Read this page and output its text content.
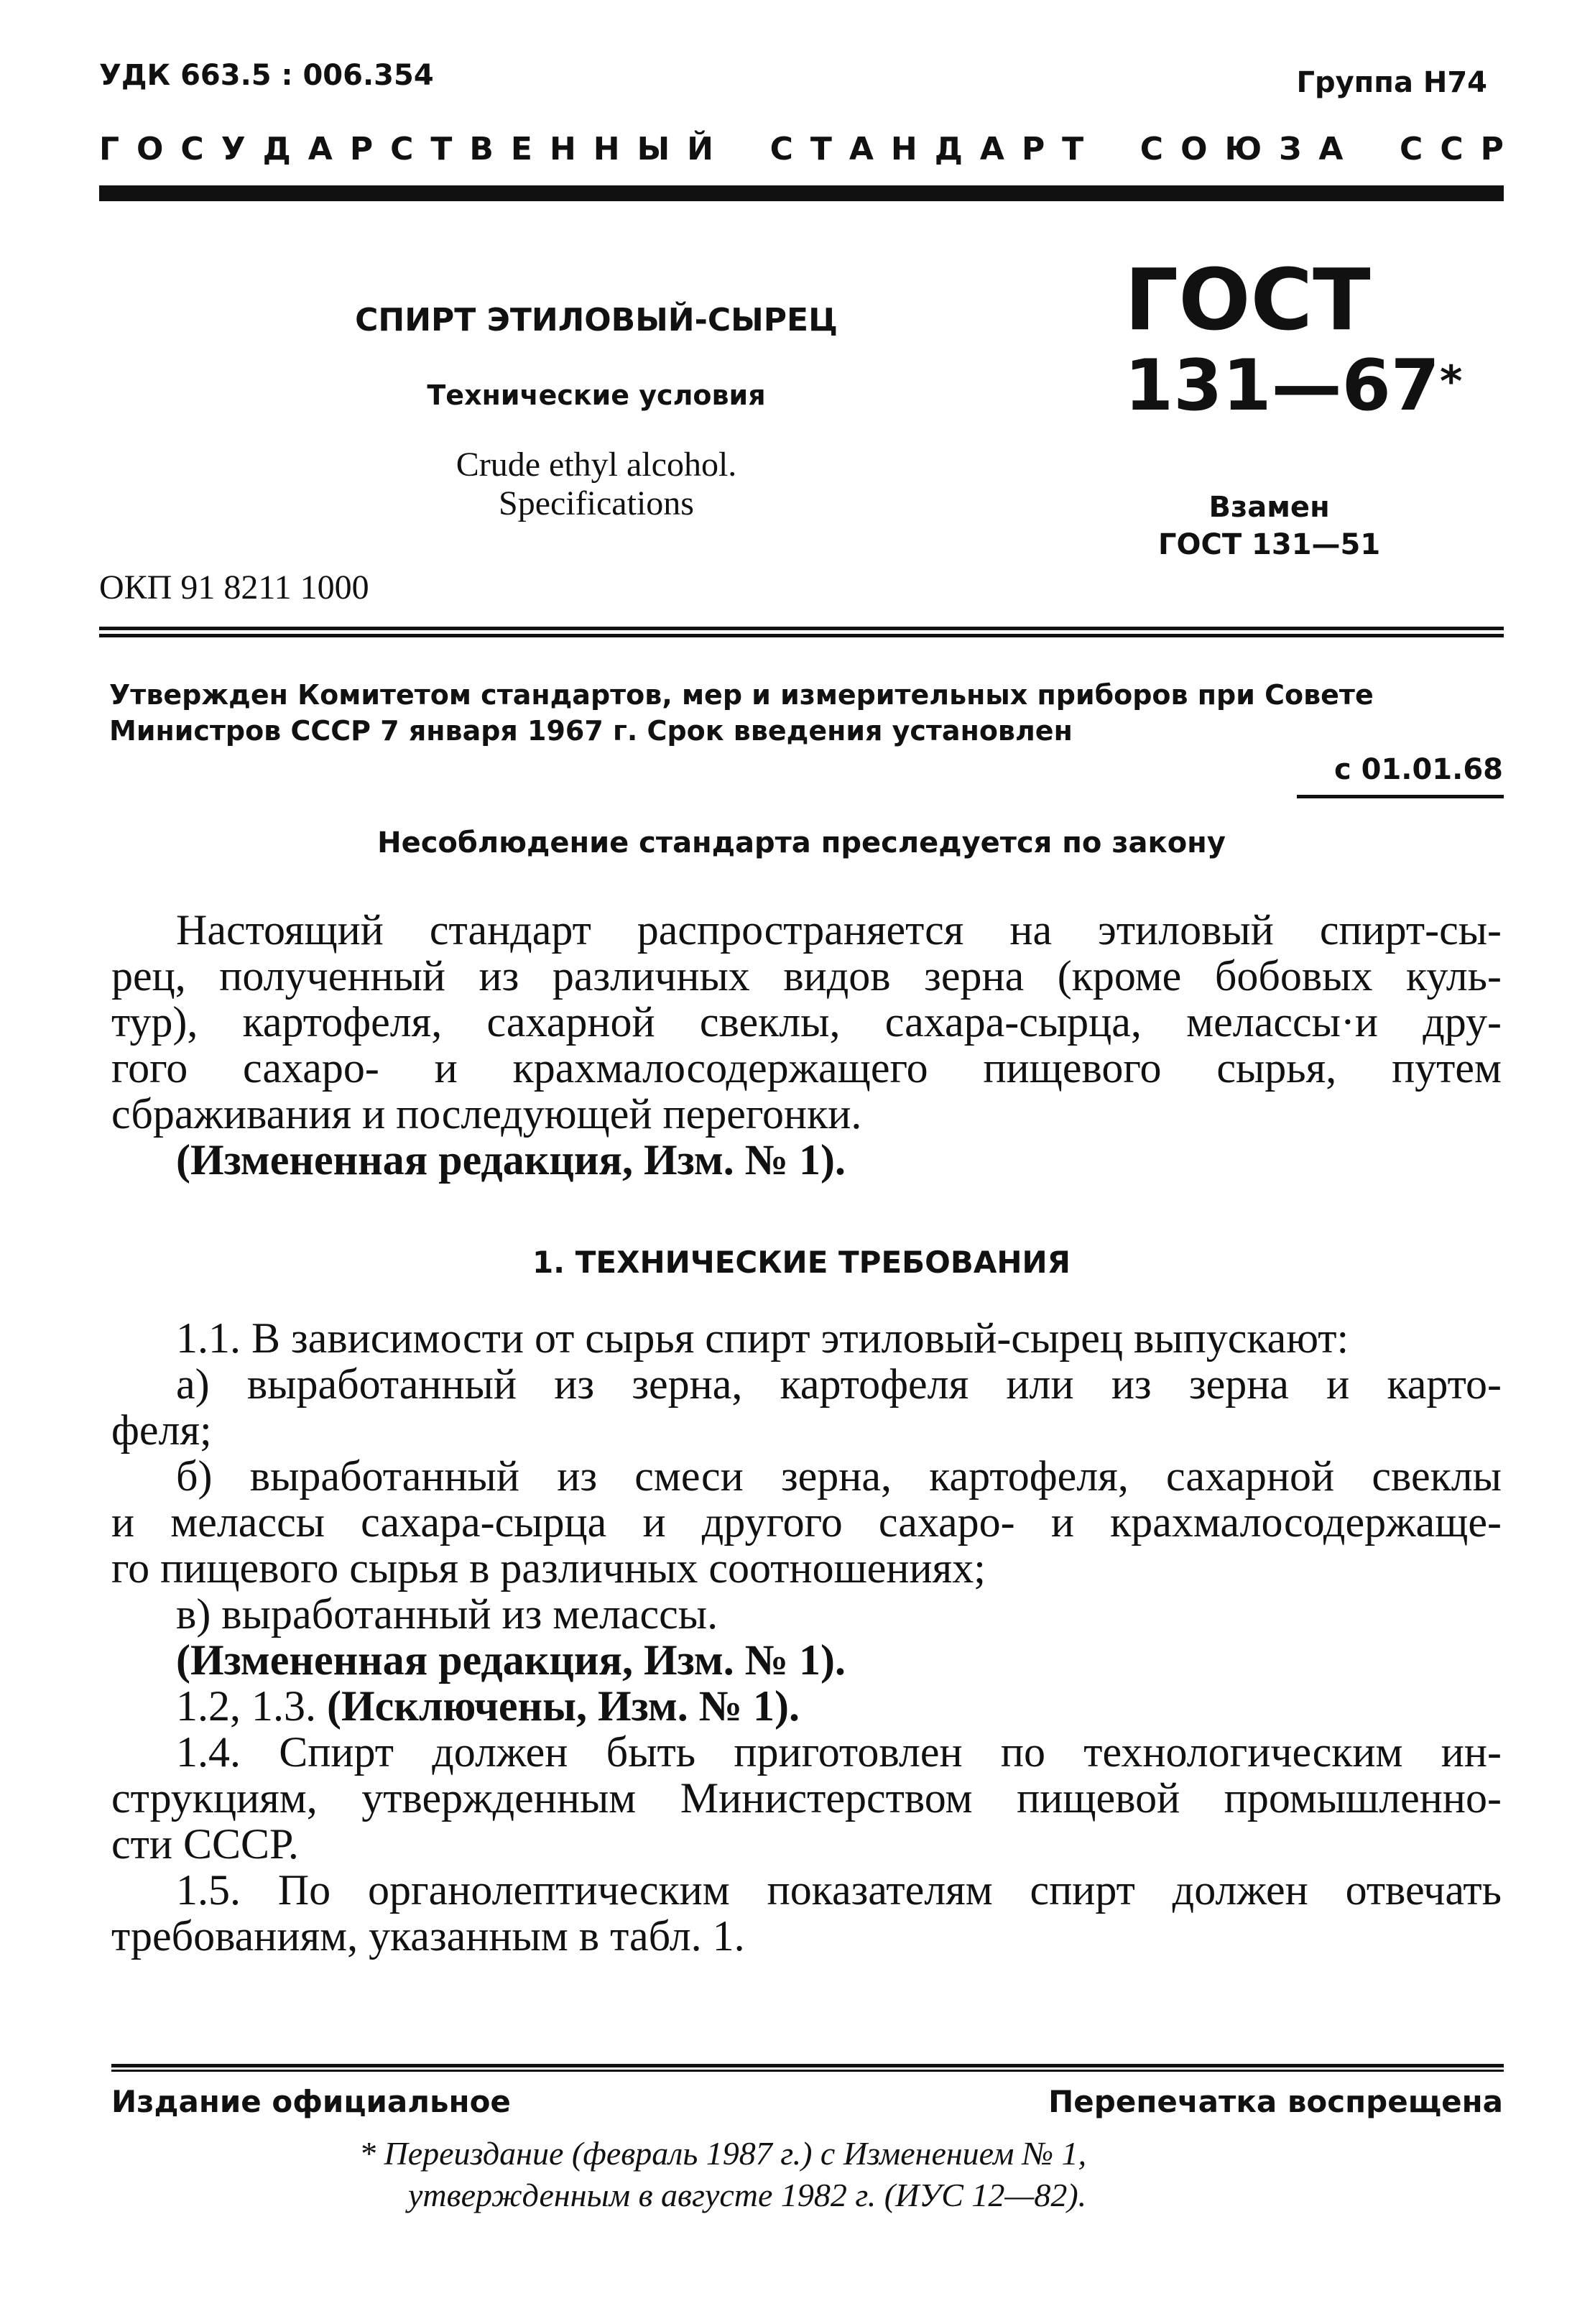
УДК 663.5 : 006.354	Группа Н74
Г О С У Д А Р С Т В Е Н Н Ы Й
С Т А Н Д А Р Т
С О Ю З А
С С Р
СПИРТ ЭТИЛОВЫЙ-СЫРЕЦ
Технические условия
Crude ethyl alcohol.
Specifications
ГОСТ
131—67*
Взамен
ГОСТ 131—51
ОКП 91 8211 1000
Утвержден Комитетом стандартов, мер и измерительных приборов при Совете Министров СССР 7 января 1967 г. Срок введения установлен
с 01.01.68
Несоблюдение стандарта преследуется по закону
Настоящий стандарт распространяется на этиловый спирт-сы-
рец, полученный из различных видов зерна (кроме бобовых куль-
тур), картофеля, сахарной свеклы, сахара-сырца, мелассы·и дру-
гого сахаро- и крахмалосодержащего пищевого сырья, путем
сбраживания и последующей перегонки.
(Измененная редакция, Изм. № 1).
1. ТЕХНИЧЕСКИЕ ТРЕБОВАНИЯ
1.1. В зависимости от сырья спирт этиловый-сырец выпускают:
а) выработанный из зерна, картофеля или из зерна и карто-
феля;
б) выработанный из смеси зерна, картофеля, сахарной свеклы
и мелассы сахара-сырца и другого сахаро- и крахмалосодержаще-
го пищевого сырья в различных соотношениях;
в) выработанный из мелассы.
(Измененная редакция, Изм. № 1).
1.2, 1.3. (Исключены, Изм. № 1).
1.4. Спирт должен быть приготовлен по технологическим ин-
струкциям, утвержденным Министерством пищевой промышленно-
сти СССР.
1.5. По органолептическим показателям спирт должен отвечать
требованиям, указанным в табл. 1.
Издание официальное	Перепечатка воспрещена
* Переиздание (февраль 1987 г.) с Изменением № 1,
утвержденным в августе 1982 г. (ИУС 12—82).
